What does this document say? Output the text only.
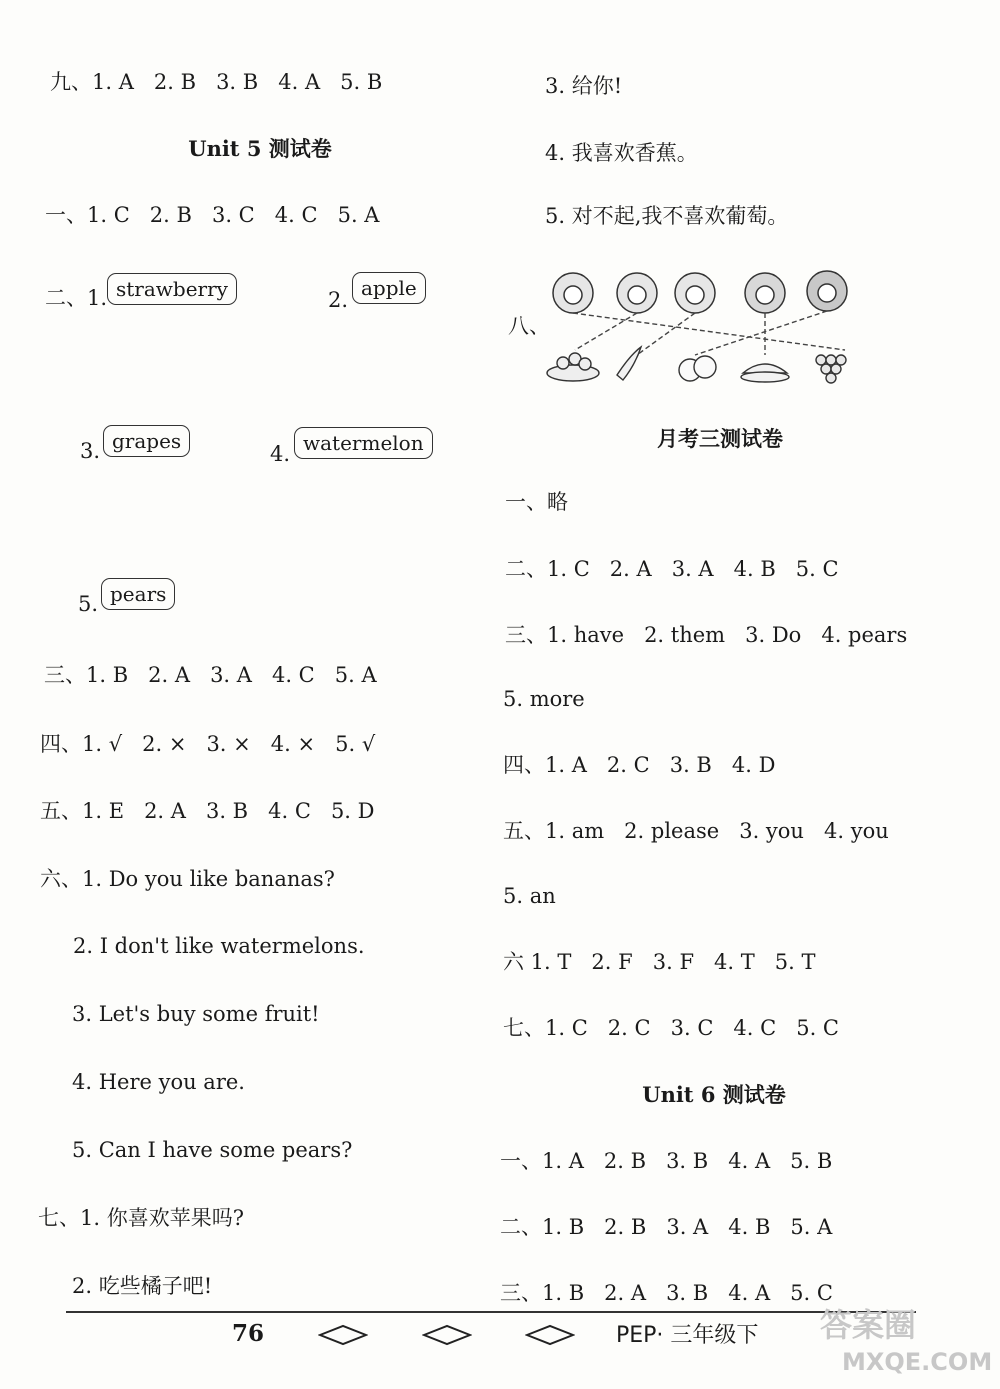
九、1. A   2. B   3. B   4. A   5. B
Unit 5 测试卷
一、1. C   2. B   3. C   4. C   5. A
二、1. strawberry	2. apple
3. grapes
4. watermelon
5. pears
三、1. B   2. A   3. A   4. C   5. A
四、1. √   2. ×   3. ×   4. ×   5. √
五、1. E   2. A   3. B   4. C   5. D
六、1. Do you like bananas?
2. I don't like watermelons.
3. Let's buy some fruit!
4. Here you are.
5. Can I have some pears?
七、1. 你喜欢苹果吗?
2. 吃些橘子吧!
3. 给你!
4. 我喜欢香蕉。
5. 对不起,我不喜欢葡萄。
八、
月考三测试卷
一、略
二、1. C   2. A   3. A   4. B   5. C
三、1. have   2. them   3. Do   4. pears
5. more
四、1. A   2. C   3. B   4. D
五、1. am   2. please   3. you   4. you
5. an
六 1. T   2. F   3. F   4. T   5. T
七、1. C   2. C   3. C   4. C   5. C
Unit 6 测试卷
一、1. A   2. B   3. B   4. A   5. B
二、1. B   2. B   3. A   4. B   5. A
三、1. B   2. A   3. B   4. A   5. C
76	PEP· 三年级下 答案圈
MXQE.COM
